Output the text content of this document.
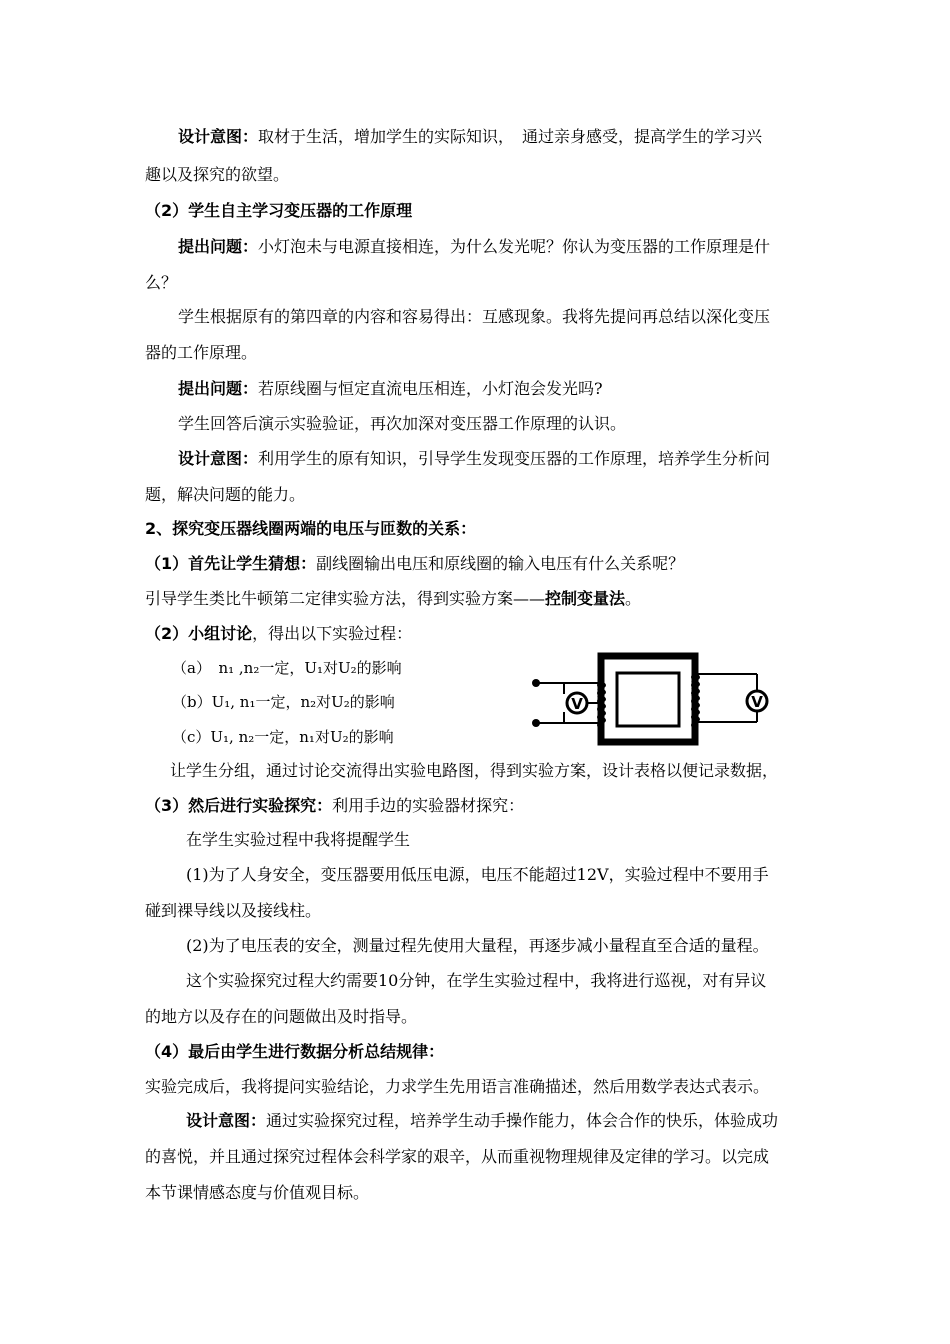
设计意图：取材于生活，增加学生的实际知识，　通过亲身感受，提高学生的学习兴
趣以及探究的欲望。
（2）学生自主学习变压器的工作原理
提出问题：小灯泡未与电源直接相连，为什么发光呢？你认为变压器的工作原理是什
么？
学生根据原有的第四章的内容和容易得出：互感现象。我将先提问再总结以深化变压
器的工作原理。
提出问题：若原线圈与恒定直流电压相连，小灯泡会发光吗?
学生回答后演示实验验证，再次加深对变压器工作原理的认识。
设计意图：利用学生的原有知识，引导学生发现变压器的工作原理，培养学生分析问
题，解决问题的能力。
2、探究变压器线圈两端的电压与匝数的关系：
（1）首先让学生猜想：副线圈输出电压和原线圈的输入电压有什么关系呢？
引导学生类比牛顿第二定律实验方法，得到实验方案——控制变量法。
（2）小组讨论，得出以下实验过程：
（a）　n₁ ,n₂一定，U₁对U₂的影响
（b）U₁, n₁一定，n₂对U₂的影响
（c）U₁, n₂一定，n₁对U₂的影响
V	V
让学生分组，通过讨论交流得出实验电路图，得到实验方案，设计表格以便记录数据，
（3）然后进行实验探究：利用手边的实验器材探究：
在学生实验过程中我将提醒学生
(1)为了人身安全，变压器要用低压电源，电压不能超过12V，实验过程中不要用手
碰到裸导线以及接线柱。
(2)为了电压表的安全，测量过程先使用大量程，再逐步减小量程直至合适的量程。
这个实验探究过程大约需要10分钟，在学生实验过程中，我将进行巡视，对有异议
的地方以及存在的问题做出及时指导。
（4）最后由学生进行数据分析总结规律：
实验完成后，我将提问实验结论，力求学生先用语言准确描述，然后用数学表达式表示。
设计意图：通过实验探究过程，培养学生动手操作能力，体会合作的快乐，体验成功
的喜悦，并且通过探究过程体会科学家的艰辛，从而重视物理规律及定律的学习。以完成
本节课情感态度与价值观目标。
